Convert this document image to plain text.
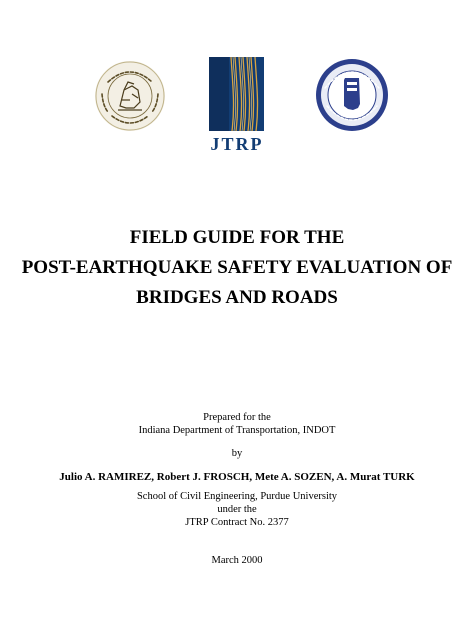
JTRP
FIELD GUIDE FOR THE
POST-EARTHQUAKE SAFETY EVALUATION OF
BRIDGES AND ROADS
Prepared for the
Indiana Department of Transportation, INDOT
by
Julio A. RAMIREZ, Robert J. FROSCH, Mete A. SOZEN, A. Murat TURK
School of Civil Engineering, Purdue University
under the
JTRP Contract No. 2377
March 2000
